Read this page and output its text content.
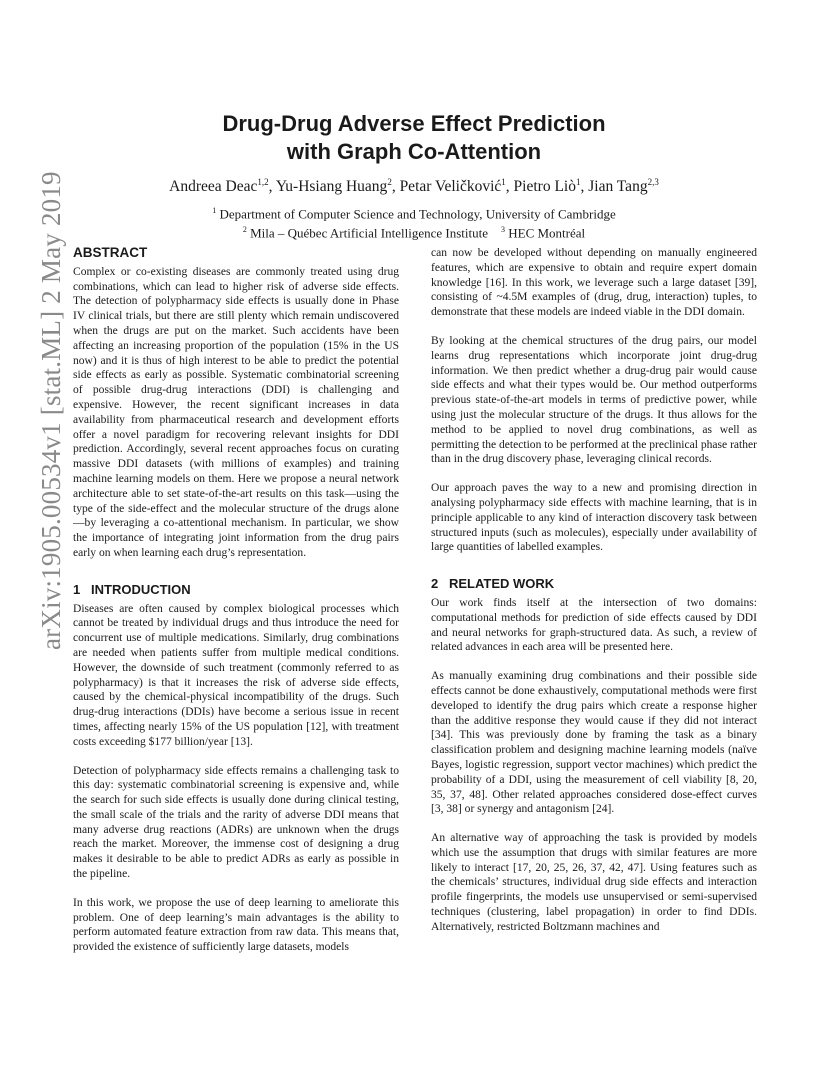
arXiv:1905.00534v1 [stat.ML] 2 May 2019
Drug-Drug Adverse Effect Prediction
with Graph Co-Attention
Andreea Deac$^{1,2}$, Yu-Hsiang Huang$^2$, Petar Veličković$^1$, Pietro Liò$^1$, Jian Tang$^{2,3}$
$^1$ Department of Computer Science and Technology, University of Cambridge
$^2$ Mila – Québec Artificial Intelligence Institute    $^3$ HEC Montréal
ABSTRACT

Complex or co-existing diseases are commonly treated using drug combinations, which can lead to higher risk of adverse side effects. The detection of polypharmacy side effects is usually done in Phase IV clinical trials, but there are still plenty which remain undiscovered when the drugs are put on the market. Such accidents have been affecting an increasing proportion of the population (15% in the US now) and it is thus of high interest to be able to predict the potential side effects as early as possible. Systematic combinatorial screening of possible drug-drug interactions (DDI) is challenging and expensive. However, the recent significant increases in data availability from pharmaceutical research and development efforts offer a novel paradigm for recovering relevant insights for DDI prediction. Accordingly, several recent approaches focus on curating massive DDI datasets (with millions of examples) and training machine learning models on them. Here we propose a neural network architecture able to set state-of-the-art results on this task—using the type of the side-effect and the molecular structure of the drugs alone—by leveraging a co-attentional mechanism. In particular, we show the importance of integrating joint information from the drug pairs early on when learning each drug’s representation.

1 INTRODUCTION

Diseases are often caused by complex biological processes which cannot be treated by individual drugs and thus introduce the need for concurrent use of multiple medications. Similarly, drug combinations are needed when patients suffer from multiple medical conditions. However, the downside of such treatment (commonly referred to as polypharmacy) is that it increases the risk of adverse side effects, caused by the chemical-physical incompatibility of the drugs. Such drug-drug interactions (DDIs) have become a serious issue in recent times, affecting nearly 15% of the US population [12], with treatment costs exceeding $177 billion/year [13].

Detection of polypharmacy side effects remains a challenging task to this day: systematic combinatorial screening is expensive and, while the search for such side effects is usually done during clinical testing, the small scale of the trials and the rarity of adverse DDI means that many adverse drug reactions (ADRs) are unknown when the drugs reach the market. Moreover, the immense cost of designing a drug makes it desirable to be able to predict ADRs as early as possible in the pipeline.

In this work, we propose the use of deep learning to ameliorate this problem. One of deep learning’s main advantages is the ability to perform automated feature extraction from raw data. This means that, provided the existence of sufficiently large datasets, models

can now be developed without depending on manually engineered features, which are expensive to obtain and require expert domain knowledge [16]. In this work, we leverage such a large dataset [39], consisting of ~4.5M examples of (drug, drug, interaction) tuples, to demonstrate that these models are indeed viable in the DDI domain.

By looking at the chemical structures of the drug pairs, our model learns drug representations which incorporate joint drug-drug information. We then predict whether a drug-drug pair would cause side effects and what their types would be. Our method outperforms previous state-of-the-art models in terms of predictive power, while using just the molecular structure of the drugs. It thus allows for the method to be applied to novel drug combinations, as well as permitting the detection to be performed at the preclinical phase rather than in the drug discovery phase, leveraging clinical records.

Our approach paves the way to a new and promising direction in analysing polypharmacy side effects with machine learning, that is in principle applicable to any kind of interaction discovery task between structured inputs (such as molecules), especially under availability of large quantities of labelled examples.

2 RELATED WORK

Our work finds itself at the intersection of two domains: computational methods for prediction of side effects caused by DDI and neural networks for graph-structured data. As such, a review of related advances in each area will be presented here.

As manually examining drug combinations and their possible side effects cannot be done exhaustively, computational methods were first developed to identify the drug pairs which create a response higher than the additive response they would cause if they did not interact [34]. This was previously done by framing the task as a binary classification problem and designing machine learning models (naïve Bayes, logistic regression, support vector machines) which predict the probability of a DDI, using the measurement of cell viability [8, 20, 35, 37, 48]. Other related approaches considered dose-effect curves [3, 38] or synergy and antagonism [24].

An alternative way of approaching the task is provided by models which use the assumption that drugs with similar features are more likely to interact [17, 20, 25, 26, 37, 42, 47]. Using features such as the chemicals’ structures, individual drug side effects and interaction profile fingerprints, the models use unsupervised or semi-supervised techniques (clustering, label propagation) in order to find DDIs. Alternatively, restricted Boltzmann machines and
